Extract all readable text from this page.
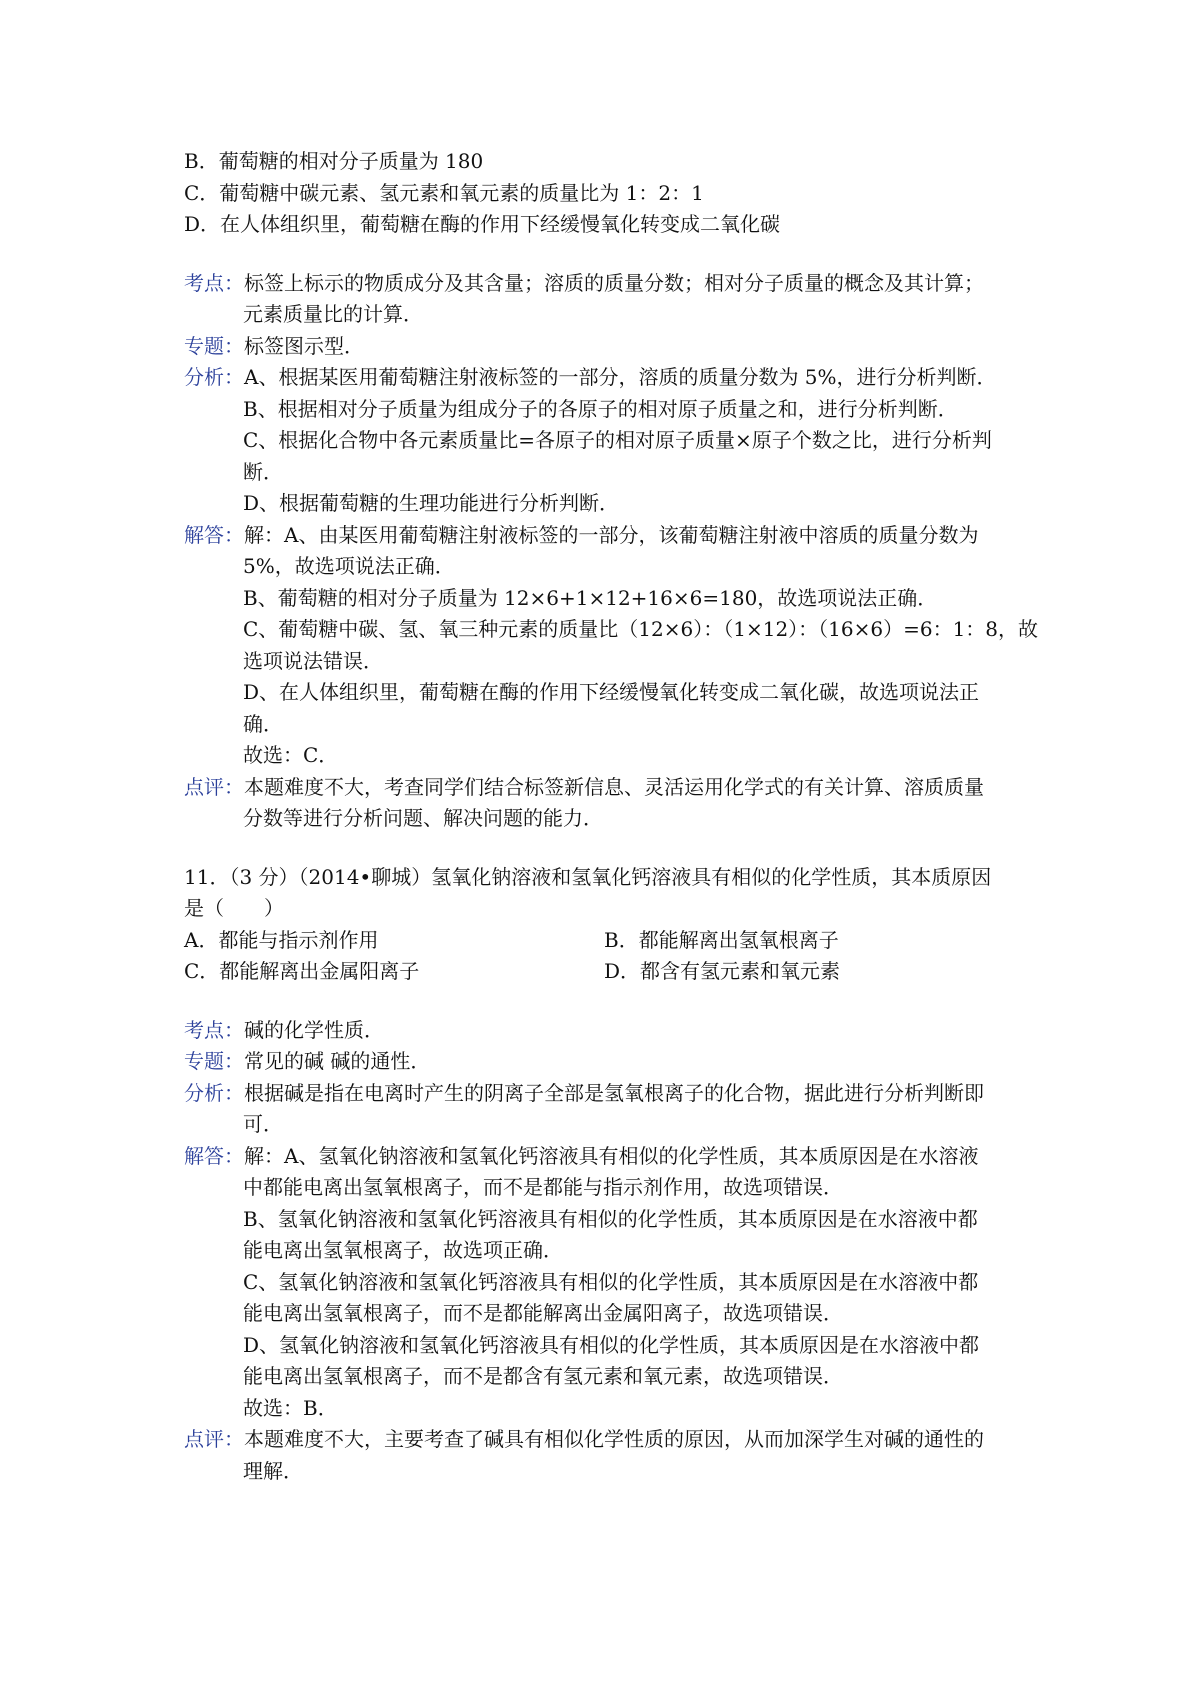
B．葡萄糖的相对分子质量为 180
C．葡萄糖中碳元素、氢元素和氧元素的质量比为 1：2：1
D．在人体组织里，葡萄糖在酶的作用下经缓慢氧化转变成二氧化碳
考点： 标签上标示的物质成分及其含量；溶质的质量分数；相对分子质量的概念及其计算；
元素质量比的计算．
专题： 标签图示型．
分析： A、根据某医用葡萄糖注射液标签的一部分，溶质的质量分数为 5%，进行分析判断．
B、根据相对分子质量为组成分子的各原子的相对原子质量之和，进行分析判断．
C、根据化合物中各元素质量比=各原子的相对原子质量×原子个数之比，进行分析判
断．
D、根据葡萄糖的生理功能进行分析判断．
解答： 解：A、由某医用葡萄糖注射液标签的一部分，该葡萄糖注射液中溶质的质量分数为
5%，故选项说法正确．
B、葡萄糖的相对分子质量为 12×6+1×12+16×6=180，故选项说法正确．
C、葡萄糖中碳、氢、氧三种元素的质量比（12×6）：（1×12）：（16×6）=6：1：8，故
选项说法错误．
D、在人体组织里，葡萄糖在酶的作用下经缓慢氧化转变成二氧化碳，故选项说法正
确．
故选：C．
点评： 本题难度不大，考查同学们结合标签新信息、灵活运用化学式的有关计算、溶质质量
分数等进行分析问题、解决问题的能力．
11．（3 分）（2014•聊城）氢氧化钠溶液和氢氧化钙溶液具有相似的化学性质，其本质原因
是（　　）
A．都能与指示剂作用	B．都能解离出氢氧根离子
C．都能解离出金属阳离子	D．都含有氢元素和氧元素
考点： 碱的化学性质．
专题： 常见的碱 碱的通性．
分析： 根据碱是指在电离时产生的阴离子全部是氢氧根离子的化合物，据此进行分析判断即
可．
解答： 解：A、氢氧化钠溶液和氢氧化钙溶液具有相似的化学性质，其本质原因是在水溶液
中都能电离出氢氧根离子，而不是都能与指示剂作用，故选项错误．
B、氢氧化钠溶液和氢氧化钙溶液具有相似的化学性质，其本质原因是在水溶液中都
能电离出氢氧根离子，故选项正确．
C、氢氧化钠溶液和氢氧化钙溶液具有相似的化学性质，其本质原因是在水溶液中都
能电离出氢氧根离子，而不是都能解离出金属阳离子，故选项错误．
D、氢氧化钠溶液和氢氧化钙溶液具有相似的化学性质，其本质原因是在水溶液中都
能电离出氢氧根离子，而不是都含有氢元素和氧元素，故选项错误．
故选：B．
点评： 本题难度不大，主要考查了碱具有相似化学性质的原因，从而加深学生对碱的通性的
理解．
